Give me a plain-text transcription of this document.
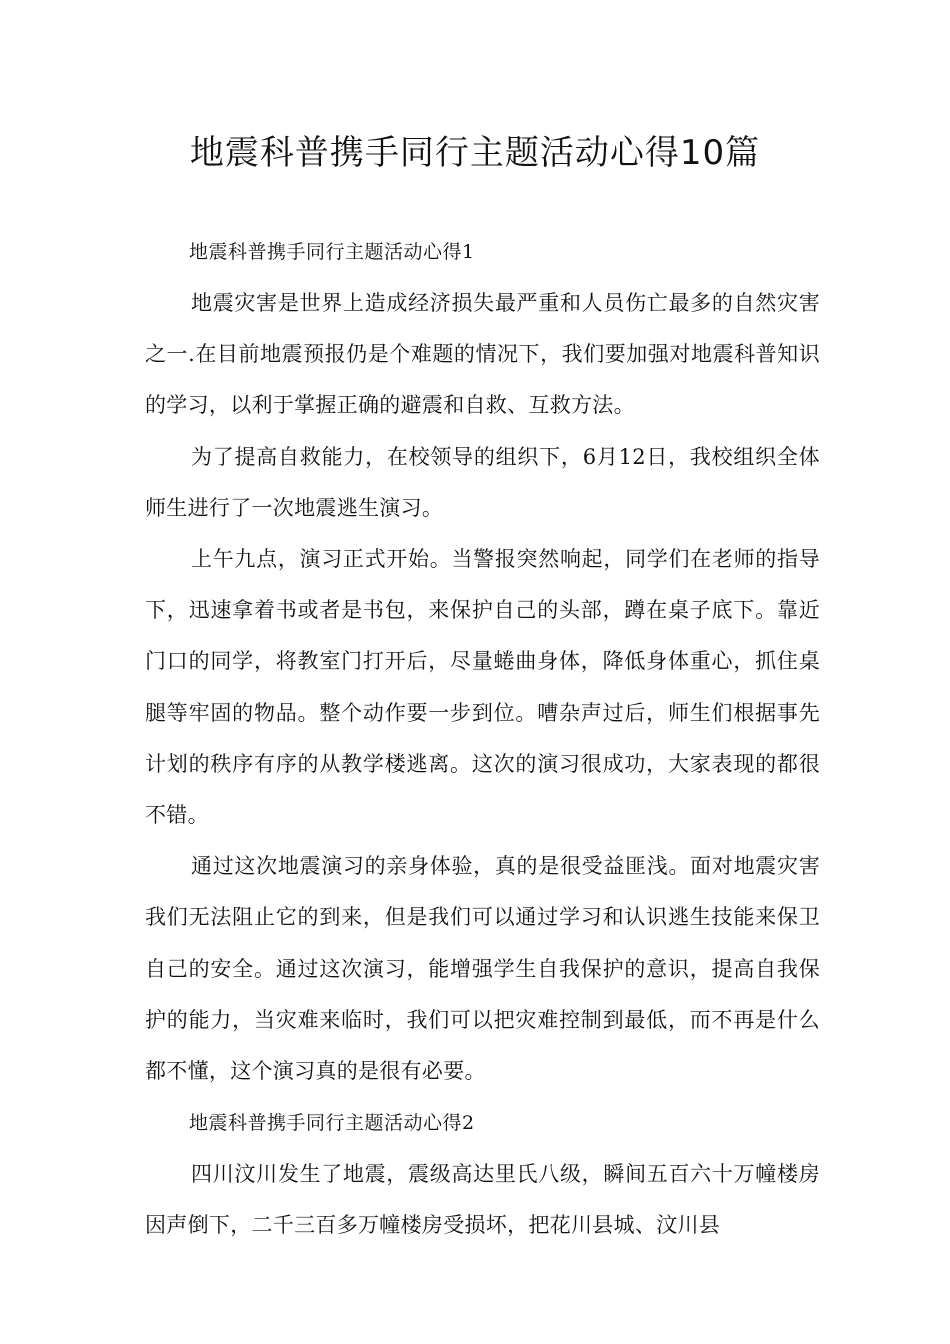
地震科普携手同行主题活动心得10篇
地震科普携手同行主题活动心得1

地震灾害是世界上造成经济损失最严重和人员伤亡最多的自然灾害之一.在目前地震预报仍是个难题的情况下，我们要加强对地震科普知识的学习，以利于掌握正确的避震和自救、互救方法。

为了提高自救能力，在校领导的组织下，6月12日，我校组织全体师生进行了一次地震逃生演习。

上午九点，演习正式开始。当警报突然响起，同学们在老师的指导下，迅速拿着书或者是书包，来保护自己的头部，蹲在桌子底下。靠近门口的同学，将教室门打开后，尽量蜷曲身体，降低身体重心，抓住桌腿等牢固的物品。整个动作要一步到位。嘈杂声过后，师生们根据事先计划的秩序有序的从教学楼逃离。这次的演习很成功，大家表现的都很不错。

通过这次地震演习的亲身体验，真的是很受益匪浅。面对地震灾害我们无法阻止它的到来，但是我们可以通过学习和认识逃生技能来保卫自己的安全。通过这次演习，能增强学生自我保护的意识，提高自我保护的能力，当灾难来临时，我们可以把灾难控制到最低，而不再是什么都不懂，这个演习真的是很有必要。

地震科普携手同行主题活动心得2

四川汶川发生了地震，震级高达里氏八级，瞬间五百六十万幢楼房因声倒下，二千三百多万幢楼房受损坏，把花川县城、汶川县
